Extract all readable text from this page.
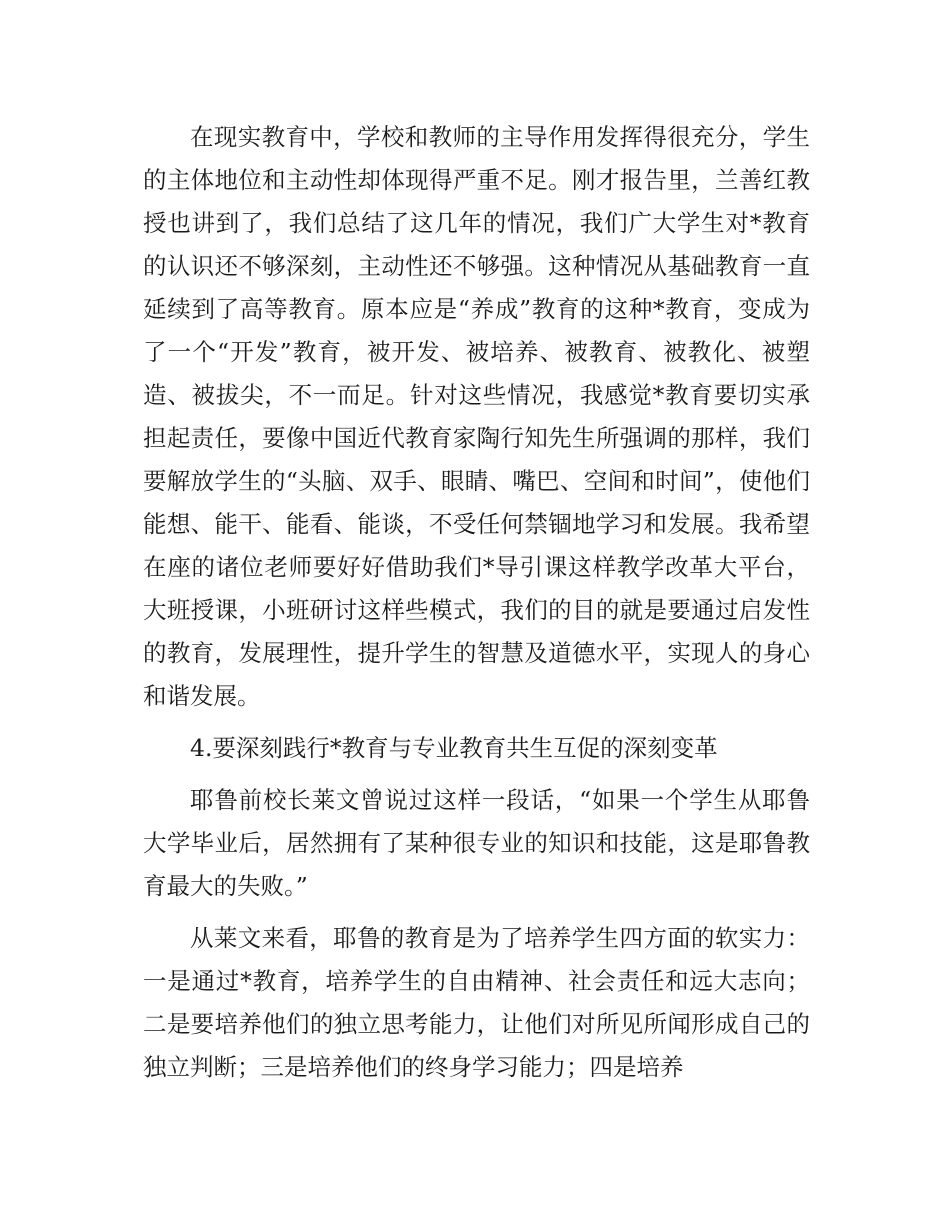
在现实教育中，学校和教师的主导作用发挥得很充分，学生的主体地位和主动性却体现得严重不足。刚才报告里，兰善红教授也讲到了，我们总结了这几年的情况，我们广大学生对*教育的认识还不够深刻，主动性还不够强。这种情况从基础教育一直延续到了高等教育。原本应是“养成”教育的这种*教育，变成为了一个“开发”教育，被开发、被培养、被教育、被教化、被塑造、被拔尖，不一而足。针对这些情况，我感觉*教育要切实承担起责任，要像中国近代教育家陶行知先生所强调的那样，我们要解放学生的“头脑、双手、眼睛、嘴巴、空间和时间”，使他们能想、能干、能看、能谈，不受任何禁锢地学习和发展。我希望在座的诸位老师要好好借助我们*导引课这样教学改革大平台，大班授课，小班研讨这样些模式，我们的目的就是要通过启发性的教育，发展理性，提升学生的智慧及道德水平，实现人的身心和谐发展。

4.要深刻践行*教育与专业教育共生互促的深刻变革

耶鲁前校长莱文曾说过这样一段话，“如果一个学生从耶鲁大学毕业后，居然拥有了某种很专业的知识和技能，这是耶鲁教育最大的失败。”

从莱文来看，耶鲁的教育是为了培养学生四方面的软实力：一是通过*教育，培养学生的自由精神、社会责任和远大志向；二是要培养他们的独立思考能力，让他们对所见所闻形成自己的独立判断；三是培养他们的终身学习能力；四是培养
